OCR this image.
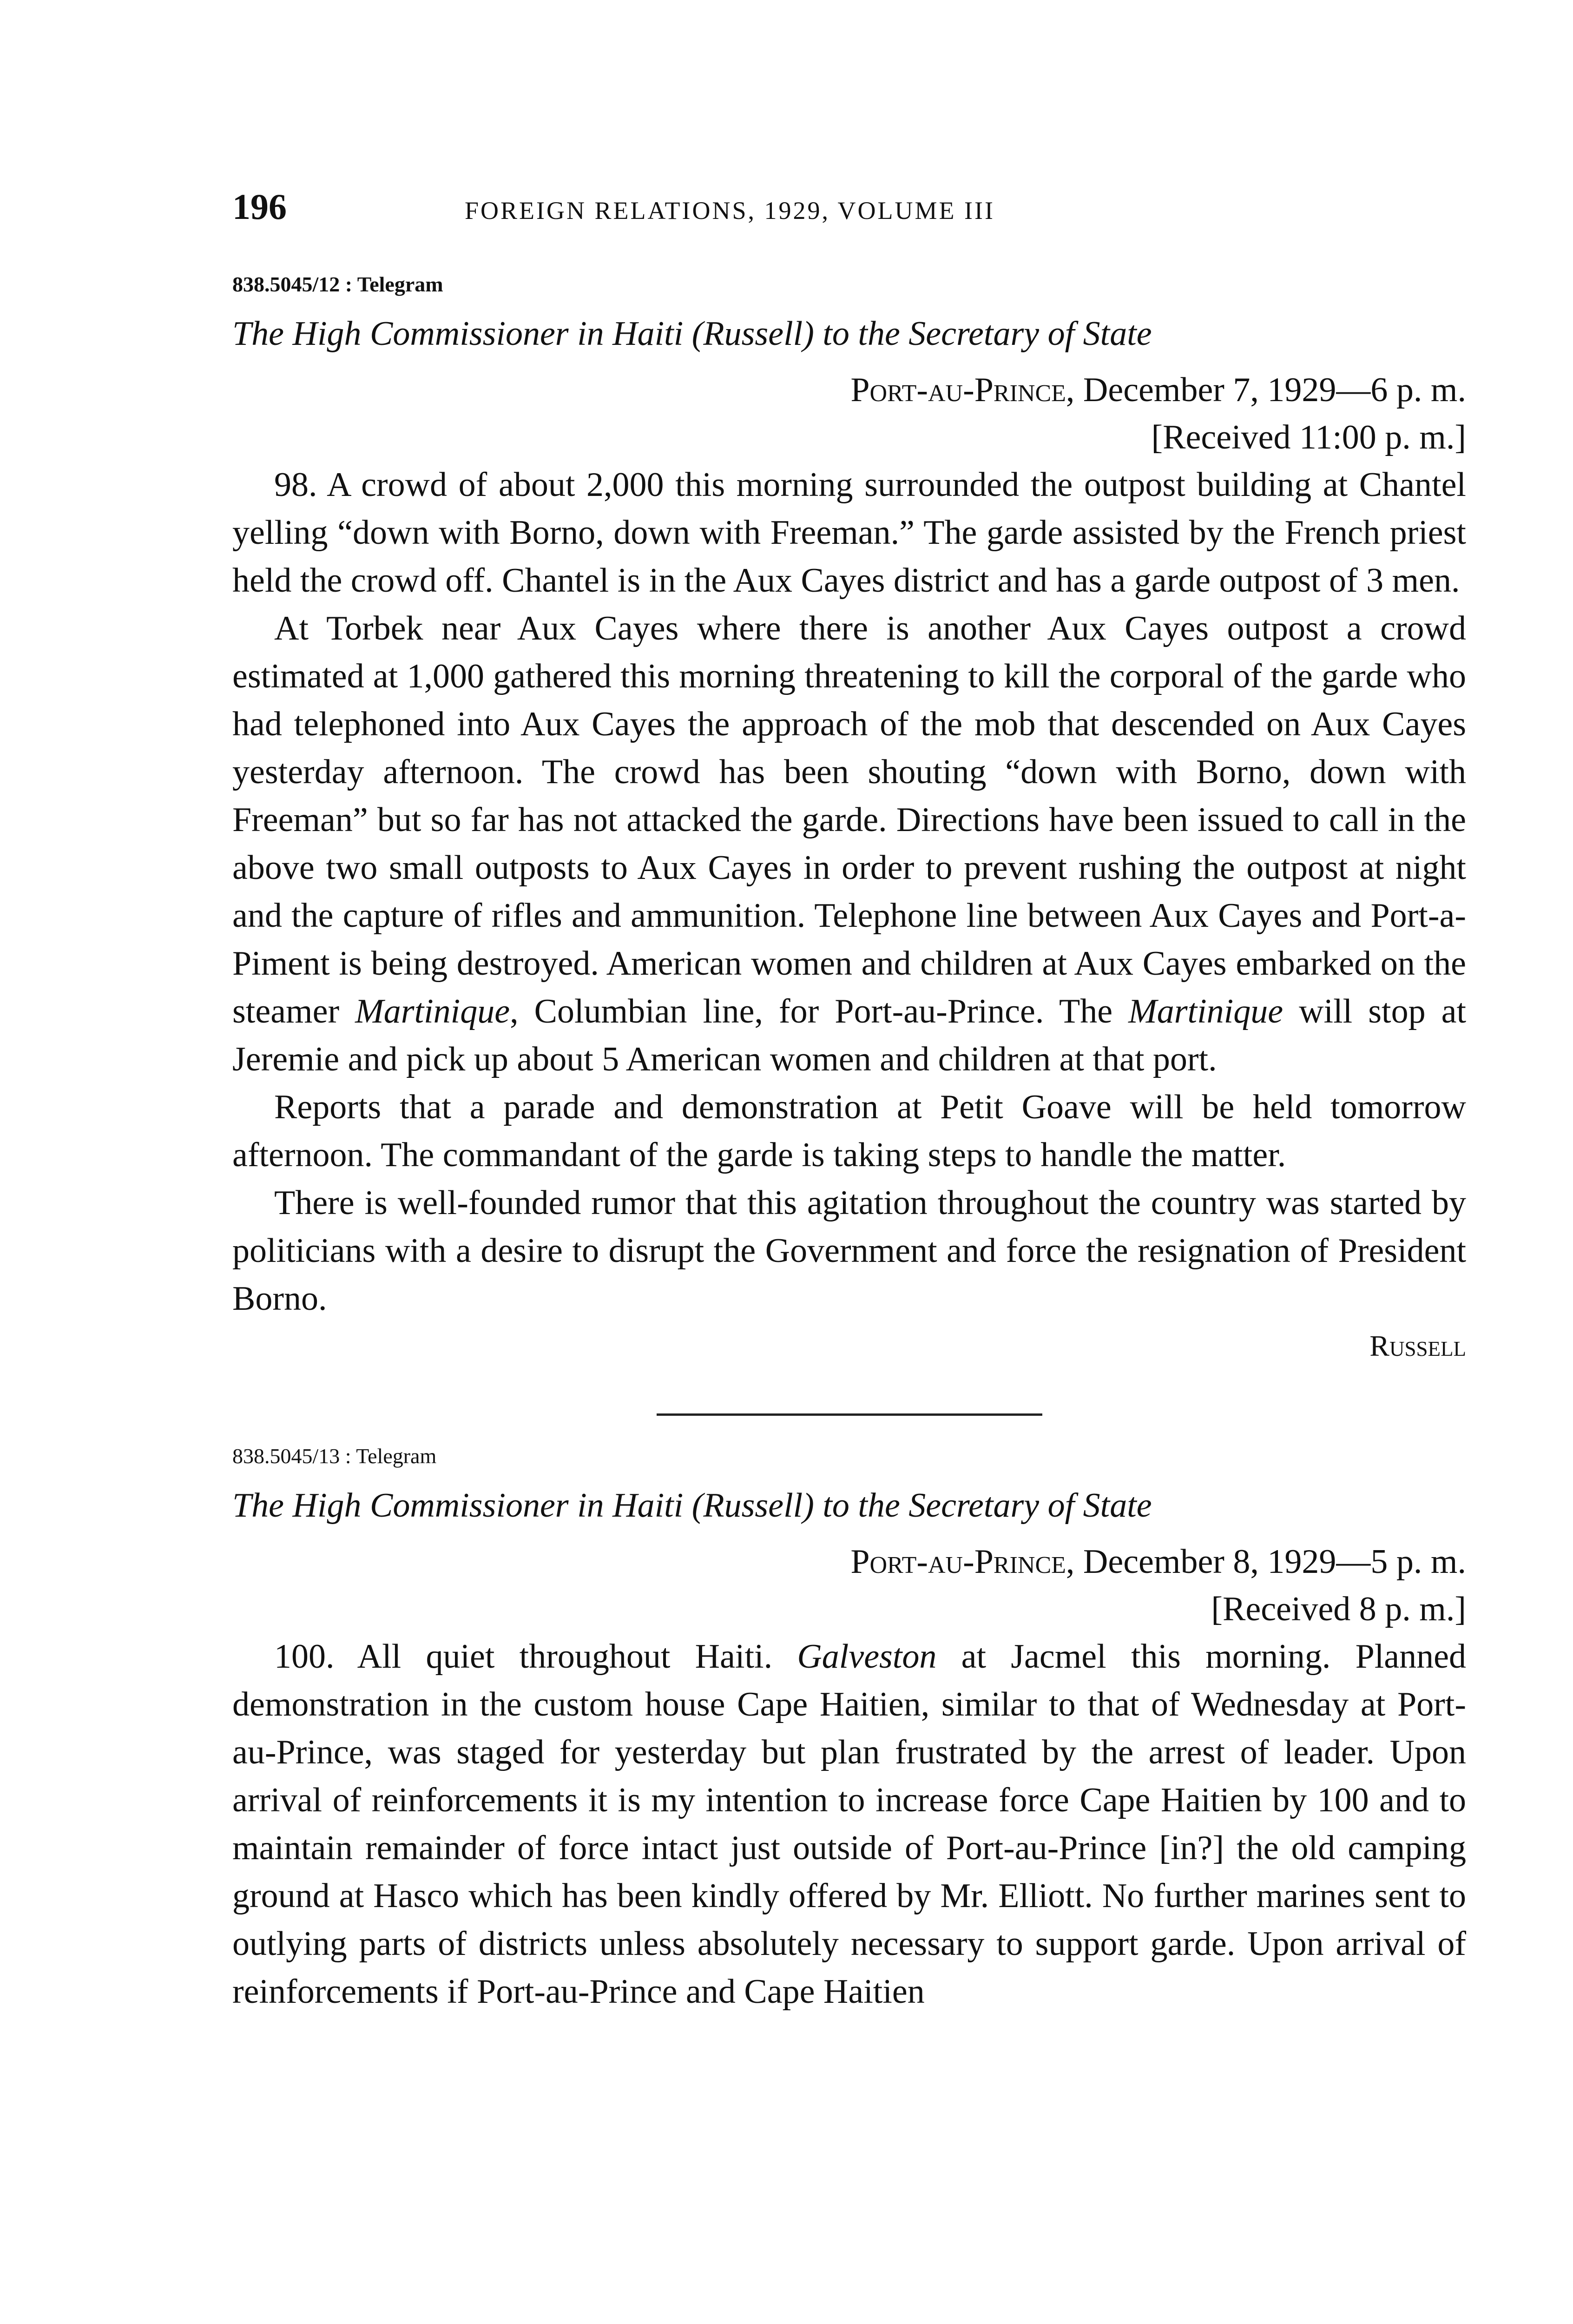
196	FOREIGN RELATIONS, 1929, VOLUME III
838.5045/12 : Telegram
The High Commissioner in Haiti (Russell) to the Secretary of State
Port-au-Prince, December 7, 1929—6 p. m.
[Received 11:00 p. m.]

98. A crowd of about 2,000 this morning surrounded the outpost building at Chantel yelling “down with Borno, down with Freeman.” The garde assisted by the French priest held the crowd off. Chantel is in the Aux Cayes district and has a garde outpost of 3 men.

At Torbek near Aux Cayes where there is another Aux Cayes outpost a crowd estimated at 1,000 gathered this morning threatening to kill the corporal of the garde who had telephoned into Aux Cayes the approach of the mob that descended on Aux Cayes yesterday afternoon. The crowd has been shouting “down with Borno, down with Freeman” but so far has not attacked the garde. Directions have been issued to call in the above two small outposts to Aux Cayes in order to prevent rushing the outpost at night and the capture of rifles and ammunition. Telephone line between Aux Cayes and Port-a-Piment is being destroyed. American women and children at Aux Cayes embarked on the steamer Martinique, Columbian line, for Port-au-Prince. The Martinique will stop at Jeremie and pick up about 5 American women and children at that port.

Reports that a parade and demonstration at Petit Goave will be held tomorrow afternoon. The commandant of the garde is taking steps to handle the matter.

There is well-founded rumor that this agitation throughout the country was started by politicians with a desire to disrupt the Government and force the resignation of President Borno.

Russell
838.5045/13 : Telegram
The High Commissioner in Haiti (Russell) to the Secretary of State
Port-au-Prince, December 8, 1929—5 p. m.
[Received 8 p. m.]

100. All quiet throughout Haiti. Galveston at Jacmel this morning. Planned demonstration in the custom house Cape Haitien, similar to that of Wednesday at Port-au-Prince, was staged for yesterday but plan frustrated by the arrest of leader. Upon arrival of reinforcements it is my intention to increase force Cape Haitien by 100 and to maintain remainder of force intact just outside of Port-au-Prince [in?] the old camping ground at Hasco which has been kindly offered by Mr. Elliott. No further marines sent to outlying parts of districts unless absolutely necessary to support garde. Upon arrival of reinforcements if Port-au-Prince and Cape Haitien
